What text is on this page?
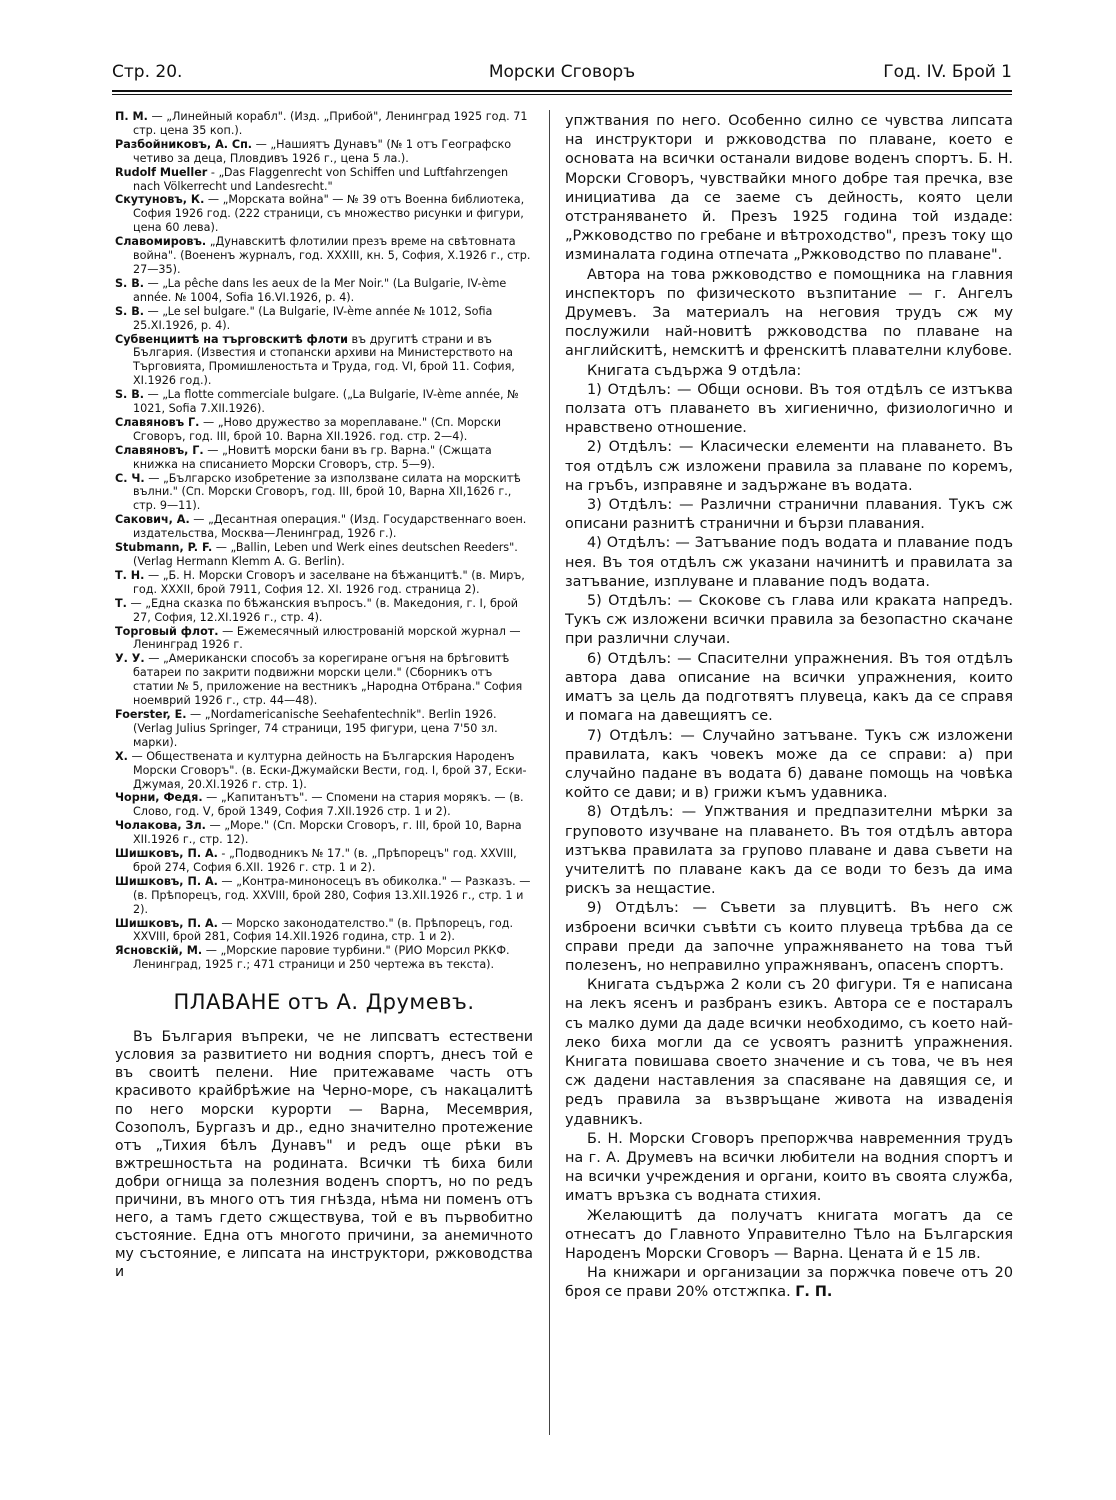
Стр. 20.	Морски Сговоръ	Год. IV. Брой 1

П. М. — „Линейный корабл". (Изд. „Прибой", Ленинград 1925 год. 71 стр. цена 35 коп.).

Разбойниковъ, А. Сп. — „Нашиятъ Дунавъ" (№ 1 отъ Географско четиво за деца, Пловдивъ 1926 г., цена 5 ла.).

Rudolf Mueller - „Das Flaggenrecht von Schiffen und Luftfahrzengen nach Völkerrecht und Landesrecht."

Скутуновъ, К. — „Морската война" — № 39 отъ Военна библиотека, София 1926 год. (222 страници, съ множество рисунки и фигури, цена 60 лева).

Славомировъ. „Дунавскитѣ флотилии презъ време на свѣтовната война". (Воененъ журналъ, год. XXXIII, кн. 5, София, X.1926 г., стр. 27—35).

S. B. — „La pêche dans les aeux de la Mer Noir." (La Bulgarie, IV-ème année. № 1004, Sofia 16.VI.1926, p. 4).

S. B. — „Le sel bulgare." (La Bulgarie, IV-ème année № 1012, Sofia 25.XI.1926, p. 4).

Субвенциитѣ на търговскитѣ флоти въ другитѣ страни и въ България. (Известия и стопански архиви на Министерството на Търговията, Промишленостьта и Труда, год. VI, брой 11. София, XI.1926 год.).

S. B. — „La flotte commerciale bulgare. („La Bulgarie, IV-ème année, № 1021, Sofia 7.XII.1926).

Славяновъ Г. — „Ново дружество за мореплаване." (Сп. Морски Сговоръ, год. III, брой 10. Варна XII.1926. год. стр. 2—4).

Славяновъ, Г. — „Новитѣ морски бани въ гр. Варна." (Сжщата книжка на списанието Морски Сговоръ, стр. 5—9).

С. Ч. — „Българско изобретение за използване силата на морскитѣ вълни." (Сп. Морски Сговоръ, год. III, брой 10, Варна XII,1626 г., стр. 9—11).

Сакович, А. — „Десантная операция." (Изд. Государственнаго воен. издательства, Москва—Ленинград, 1926 г.).

Stubmann, P. F. — „Ballin, Leben und Werk eines deutschen Reeders". (Verlag Hermann Klemm A. G. Berlin).

Т. Н. — „Б. Н. Морски Сговоръ и заселване на бѣжанцитѣ." (в. Миръ, год. XXXII, брой 7911, София 12. XI. 1926 год. страница 2).

Т. — „Една сказка по бѣжанския въпросъ." (в. Македония, г. I, брой 27, София, 12.XI.1926 г., стр. 4).

Торговый флот. — Ежемесячный илюстрованій морской журнал — Ленинград 1926 г.

У. У. — „Американски способъ за корегиране огъня на брѣговитѣ батареи по закрити подвижни морски цели." (Сборникъ отъ статии № 5, приложение на вестникъ „Народна Отбрана." София ноемврий 1926 г., стр. 44—48).

Foerster, E. — „Nordamericanische Seehafentechnik". Berlin 1926. (Verlag Julius Springer, 74 страници, 195 фигури, цена 7'50 зл. марки).

Х. — Обществената и културна дейность на Българския Народенъ Морски Сговоръ". (в. Ески-Джумайски Вести, год. I, брой 37, Ески-Джумая, 20.XI.1926 г. стр. 1).

Чорни, Федя. — „Капитанътъ". — Спомени на стария морякъ. — (в. Слово, год. V, брой 1349, София 7.XII.1926 стр. 1 и 2).

Чолакова, Зл. — „Море." (Сп. Морски Сговоръ, г. III, брой 10, Варна XII.1926 г., стр. 12).

Шишковъ, П. А. - „Подводникъ № 17." (в. „Прѣпорецъ" год. XXVIII, брой 274, София 6.XII. 1926 г. стр. 1 и 2).

Шишковъ, П. А. — „Контра-миноносецъ въ обиколка." — Разказъ. — (в. Прѣпорецъ, год. XXVIII, брой 280, София 13.XII.1926 г., стр. 1 и 2).

Шишковъ, П. А. — Морско законодателство." (в. Прѣпорецъ, год. XXVIII, брой 281, София 14.XII.1926 година, стр. 1 и 2).

Ясновскій, М. — „Морские паровие турбини." (РИО Морсил РККФ. Ленинград, 1925 г.; 471 страници и 250 чертежа въ текста).

ПЛАВАНЕ отъ А. Друмевъ.

Въ България въпреки, че не липсватъ естествени условия за развитието ни водния спортъ, днесъ той е въ своитѣ пелени. Ние притежаваме часть отъ красивото крайбрѣжие на Черно-море, съ накацалитѣ по него морски курорти — Варна, Месемврия, Созополъ, Бургазъ и др., едно значително протежение отъ „Тихия бѣлъ Дунавъ" и редъ още рѣки въ вжтрешностьта на родината. Всички тѣ биха били добри огнища за полезния воденъ спортъ, но по редъ причини, въ много отъ тия гнѣзда, нѣма ни поменъ отъ него, а тамъ гдето сжществува, той е въ първобитно състояние. Една отъ многото причини, за анемичното му състояние, е липсата на инструктори, ржководства и

упжтвания по него. Особенно силно се чувства липсата на инструктори и ржководства по плаване, което е основата на всички останали видове воденъ спортъ. Б. Н. Морски Сговоръ, чувствайки много добре тая пречка, взе инициатива да се заеме съ дейность, която цели отстраняването й. Презъ 1925 година той издаде: „Ржководство по гребане и вѣтроходство", презъ току що изминалата година отпечата „Ржководство по плаване".

Автора на това ржководство е помощника на главния инспекторъ по физическото възпитание — г. Ангелъ Друмевъ. За материалъ на неговия трудъ сж му послужили най-новитѣ ржководства по плаване на английскитѣ, немскитѣ и френскитѣ плавателни клубове.

Книгата съдържа 9 отдѣла:

1) Отдѣлъ: — Общи основи. Въ тоя отдѣлъ се изтъква ползата отъ плаването въ хигиенично, физиологично и нравствено отношение.

2) Отдѣлъ: — Класически елементи на плаването. Въ тоя отдѣлъ сж изложени правила за плаване по коремъ, на гръбъ, изправяне и задържане въ водата.

3) Отдѣлъ: — Различни странични плавания. Тукъ сж описани разнитѣ странични и бързи плавания.

4) Отдѣлъ: — Затъвание подъ водата и плавание подъ нея. Въ тоя отдѣлъ сж указани начинитѣ и правилата за затъвание, изплуване и плавание подъ водата.

5) Отдѣлъ: — Скокове съ глава или краката напредъ. Тукъ сж изложени всички правила за безопастно скачане при различни случаи.

6) Отдѣлъ: — Спасителни упражнения. Въ тоя отдѣлъ автора дава описание на всички упражнения, които иматъ за цель да подготвятъ плувеца, какъ да се справя и помага на давещиятъ се.

7) Отдѣлъ: — Случайно затъване. Тукъ сж изложени правилата, какъ човекъ може да се справи: а) при случайно падане въ водата б) даване помощь на човѣка който се дави; и в) грижи къмъ удавника.

8) Отдѣлъ: — Упжтвания и предпазителни мѣрки за груповото изучване на плаването. Въ тоя отдѣлъ автора изтъква правилата за групово плаване и дава съвети на учителитѣ по плаване какъ да се води то безъ да има рискъ за нещастие.

9) Отдѣлъ: — Съвети за плувцитѣ. Въ него сж изброени всички съвѣти съ които плувеца трѣбва да се справи преди да започне упражняването на това тъй полезенъ, но неправилно упражняванъ, опасенъ спортъ.

Книгата съдържа 2 коли съ 20 фигури. Тя е написана на лекъ ясенъ и разбранъ езикъ. Автора се е постаралъ съ малко думи да даде всички необходимо, съ което най-леко биха могли да се усвоятъ разнитѣ упражнения. Книгата повишава своето значение и съ това, че въ нея сж дадени наставления за спасяване на давящия се, и редъ правила за възвръщане живота на изваденія удавникъ.

Б. Н. Морски Сговоръ препоржчва навременния трудъ на г. А. Друмевъ на всички любители на водния спортъ и на всички учреждения и органи, които въ своята служба, иматъ връзка съ водната стихия.

Желающитѣ да получатъ книгата могатъ да се отнесатъ до Главното Управително Тѣло на Българския Народенъ Морски Сговоръ — Варна. Цената й е 15 лв.

На книжари и организации за поржчка повече отъ 20 броя се прави 20% отстжпка. Г. П.
